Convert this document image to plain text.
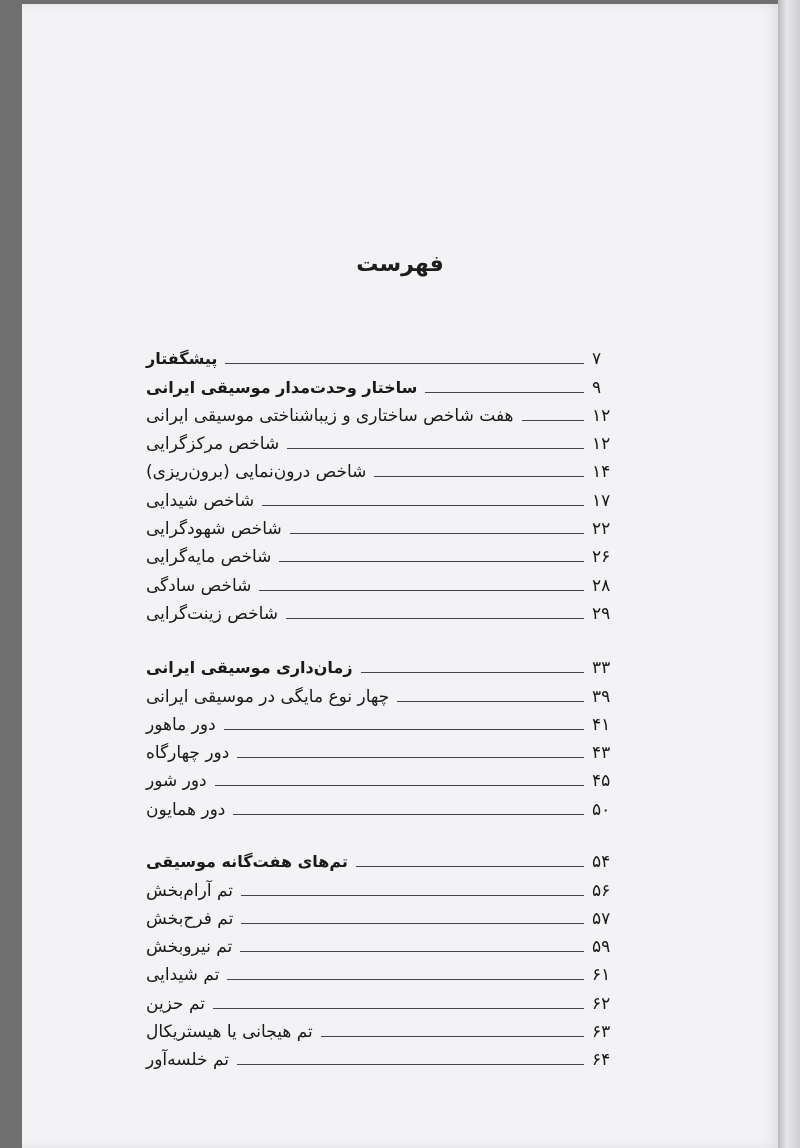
فهرست
پیشگفتار	۷
ساختار وحدت‌مدار موسیقی ایرانی	۹
هفت شاخص ساختاری و زیباشناختی موسیقی ایرانی	۱۲
شاخص مرکزگرایی	۱۲
شاخص درون‌نمایی (برون‌ریزی)	۱۴
شاخص شیدایی	۱۷
شاخص شهودگرایی	۲۲
شاخص مایه‌گرایی	۲۶
شاخص سادگی	۲۸
شاخص زینت‌گرایی	۲۹
زمان‌داری موسیقی ایرانی	۳۳
چهار نوع مایگی در موسیقی ایرانی	۳۹
دور ماهور	۴۱
دور چهارگاه	۴۳
دور شور	۴۵
دور همایون	۵۰
تم‌های هفت‌گانه موسیقی	۵۴
تم آرام‌بخش	۵۶
تم فرح‌بخش	۵۷
تم نیروبخش	۵۹
تم شیدایی	۶۱
تم حزین	۶۲
تم هیجانی یا هیستریکال	۶۳
تم خلسه‌آور	۶۴
